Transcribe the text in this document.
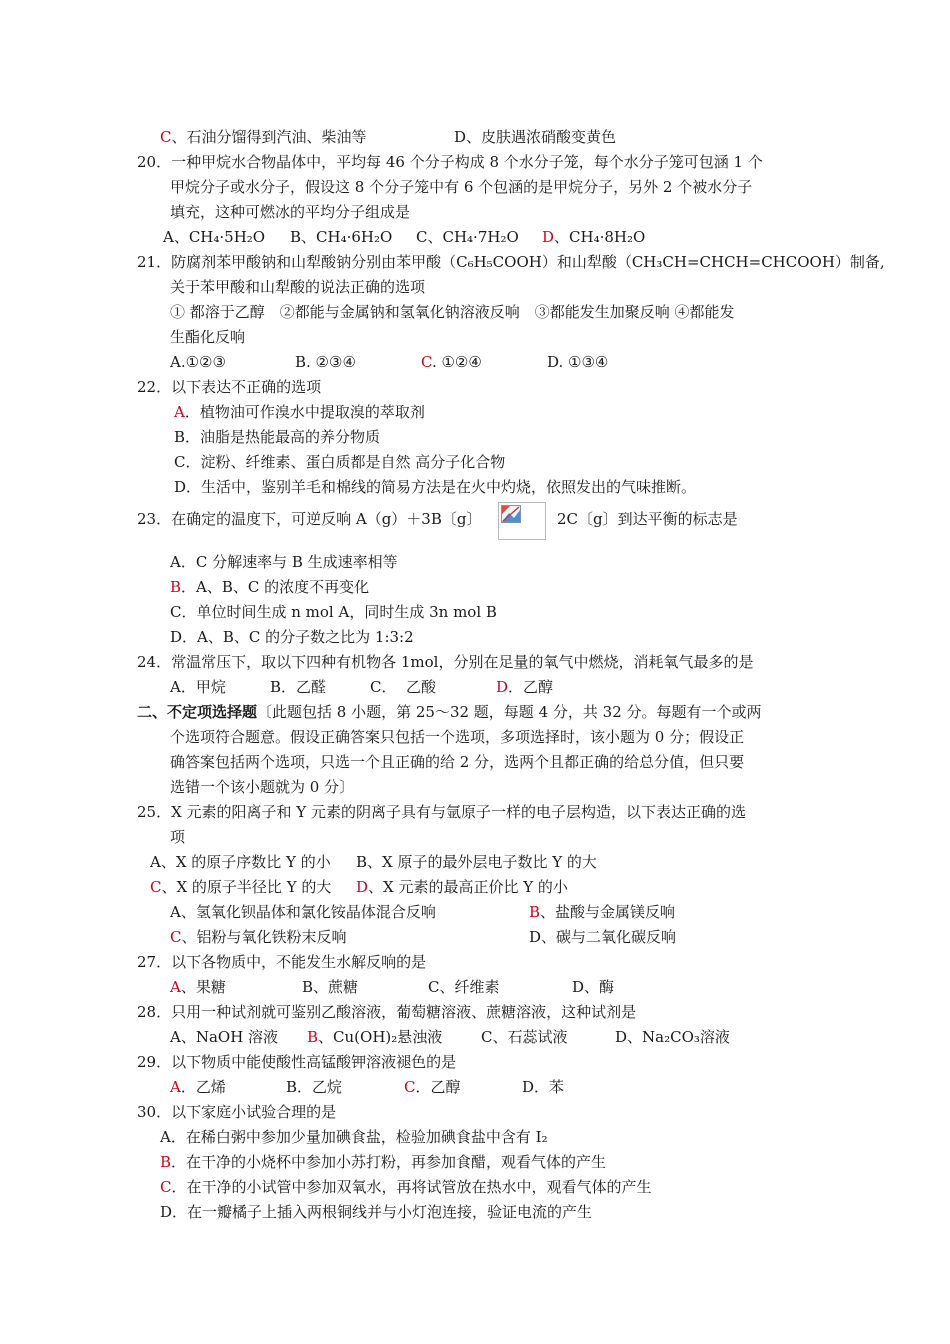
C、石油分馏得到汽油、柴油等	D、皮肤遇浓硝酸变黄色
20．一种甲烷水合物晶体中，平均每 46 个分子构成 8 个水分子笼，每个水分子笼可包涵 1 个
甲烷分子或水分子，假设这 8 个分子笼中有 6 个包涵的是甲烷分子，另外 2 个被水分子
填充，这种可燃冰的平均分子组成是
A、CH₄·5H₂O B、CH₄·6H₂O C、CH₄·7H₂O D、CH₄·8H₂O
21．防腐剂苯甲酸钠和山犁酸钠分别由苯甲酸（C₆H₅COOH）和山犁酸（CH₃CH=CHCH=CHCOOH）制备,
关于苯甲酸和山犁酸的说法正确的选项
① 都溶于乙醇　②都能与金属钠和氢氧化钠溶液反响　③都能发生加聚反响 ④都能发
生酯化反响
A.①②③	B. ②③④	C. ①②④	D. ①③④
22．以下表达不正确的选项
A．植物油可作溴水中提取溴的萃取剂
B．油脂是热能最高的养分物质
C．淀粉、纤维素、蛋白质都是自然 高分子化合物
D．生活中，鉴别羊毛和棉线的简易方法是在火中灼烧，依照发出的气味推断。
23．在确定的温度下，可逆反响 A（g）＋3B〔g〕	2C〔g〕到达平衡的标志是
A．C 分解速率与 B 生成速率相等
B．A、B、C 的浓度不再变化
C．单位时间生成 n mol A，同时生成 3n mol B
D．A、B、C 的分子数之比为 1:3:2
24．常温常压下，取以下四种有机物各 1mol，分别在足量的氧气中燃烧，消耗氧气最多的是
A．甲烷	B．乙醛	C．  乙酸	D．乙醇
二、不定项选择题〔此题包括 8 小题，第 25～32 题，每题 4 分，共 32 分。每题有一个或两
个选项符合题意。假设正确答案只包括一个选项，多项选择时，该小题为 0 分；假设正
确答案包括两个选项，只选一个且正确的给 2 分，选两个且都正确的给总分值，但只要
选错一个该小题就为 0 分〕
25．X 元素的阳离子和 Y 元素的阴离子具有与氩原子一样的电子层构造，以下表达正确的选
项
A、X 的原子序数比 Y 的小 B、X 原子的最外层电子数比 Y 的大
C、X 的原子半径比 Y 的大 D、X 元素的最高正价比 Y 的小
A、氢氧化钡晶体和氯化铵晶体混合反响	B、盐酸与金属镁反响
C、铝粉与氧化铁粉末反响	D、碳与二氧化碳反响
27．以下各物质中，不能发生水解反响的是
A、果糖	B、蔗糖	C、纤维素	D、酶
28．只用一种试剂就可鉴别乙酸溶液，葡萄糖溶液、蔗糖溶液，这种试剂是
A、NaOH 溶液 B、Cu(OH)₂悬浊液	C、石蕊试液	D、Na₂CO₃溶液
29．以下物质中能使酸性高锰酸钾溶液褪色的是
A．乙烯	B．乙烷	C．乙醇	D．苯
30．以下家庭小试验合理的是
A．在稀白粥中参加少量加碘食盐，检验加碘食盐中含有 I₂
B．在干净的小烧杯中参加小苏打粉，再参加食醋，观看气体的产生
C．在干净的小试管中参加双氧水，再将试管放在热水中，观看气体的产生
D．在一瓣橘子上插入两根铜线并与小灯泡连接，验证电流的产生
